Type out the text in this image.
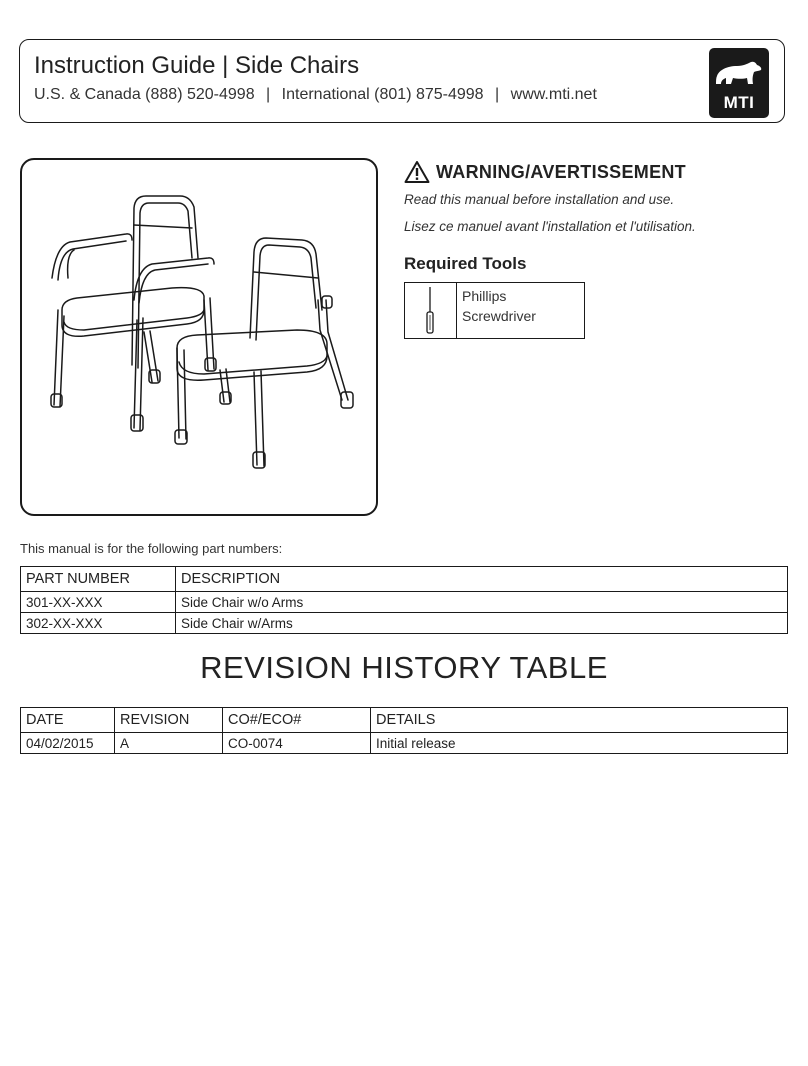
Instruction Guide | Side Chairs
U.S. & Canada (888) 520-4998 | International (801) 875-4998 | www.mti.net	MTI
WARNING/AVERTISSEMENT
Read this manual before installation and use.
Lisez ce manuel avant l'installation et l'utilisation.
Required Tools
Phillips Screwdriver
This manual is for the following part numbers:
PART NUMBER	DESCRIPTION
301-XX-XXX	Side Chair w/o Arms
302-XX-XXX	Side Chair w/Arms
REVISION HISTORY TABLE
DATE	REVISION	CO#/ECO#	DETAILS
04/02/2015	A	CO-0074	Initial release
